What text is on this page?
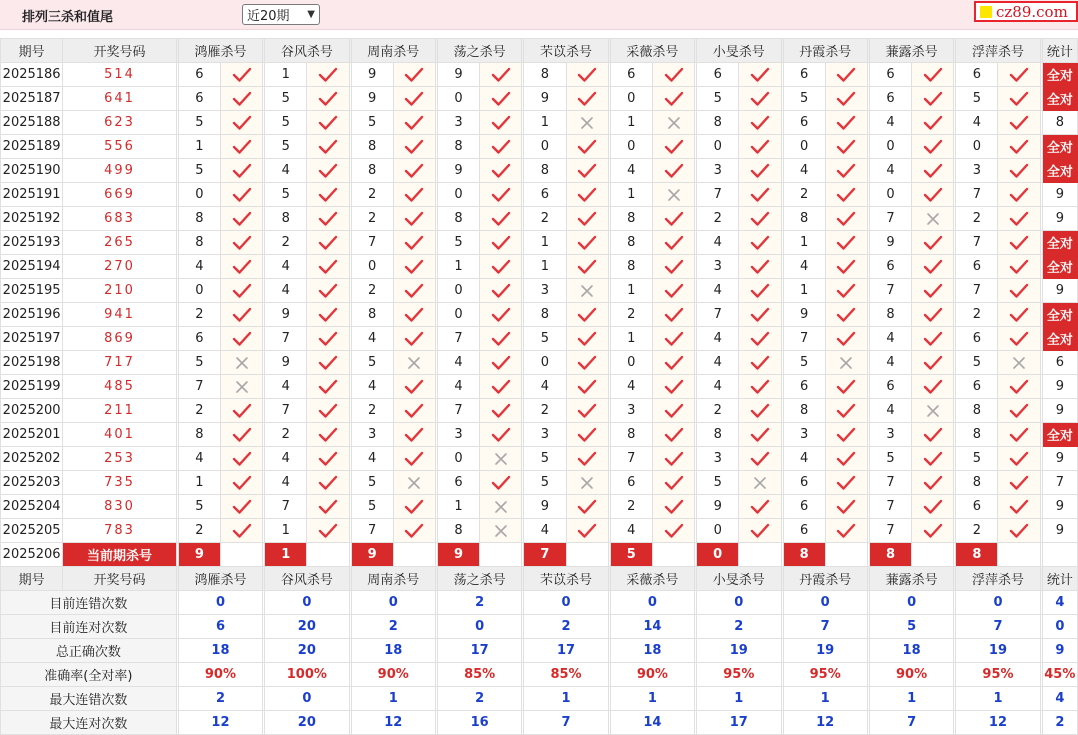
排列三杀和值尾	近20期 ▼	cz89.com
期号	开奖号码		鸿雁杀号			谷风杀号			周南杀号			荡之杀号			芣苡杀号			采薇杀号			小旻杀号			丹霞杀号			蒹露杀号			浮萍杀号			统计
2025186	514		6			1			9			9			8			6			6			6			6			6			全对
2025187	641		6			5			9			0			9			0			5			5			6			5			全对
2025188	623		5			5			5			3			1			1			8			6			4			4			8
2025189	556		1			5			8			8			0			0			0			0			0			0			全对
2025190	499		5			4			8			9			8			4			3			4			4			3			全对
2025191	669		0			5			2			0			6			1			7			2			0			7			9
2025192	683		8			8			2			8			2			8			2			8			7			2			9
2025193	265		8			2			7			5			1			8			4			1			9			7			全对
2025194	270		4			4			0			1			1			8			3			4			6			6			全对
2025195	210		0			4			2			0			3			1			4			1			7			7			9
2025196	941		2			9			8			0			8			2			7			9			8			2			全对
2025197	869		6			7			4			7			5			1			4			7			4			6			全对
2025198	717		5			9			5			4			0			0			4			5			4			5			6
2025199	485		7			4			4			4			4			4			4			6			6			6			9
2025200	211		2			7			2			7			2			3			2			8			4			8			9
2025201	401		8			2			3			3			3			8			8			3			3			8			全对
2025202	253		4			4			4			0			5			7			3			4			5			5			9
2025203	735		1			4			5			6			5			6			5			6			7			8			7
2025204	830		5			7			5			1			9			2			9			6			7			6			9
2025205	783		2			1			7			8			4			4			0			6			7			2			9
2025206	当前期杀号		9			1			9			9			7			5			0			8			8			8			
期号	开奖号码		鸿雁杀号			谷风杀号			周南杀号			荡之杀号			芣苡杀号			采薇杀号			小旻杀号			丹霞杀号			蒹露杀号			浮萍杀号			统计
目前连错次数			0			0			0			2			0			0			0			0			0			0			4
目前连对次数			6			20			2			0			2			14			2			7			5			7			0
总正确次数			18			20			18			17			17			18			19			19			18			19			9
准确率(全对率)			90%			100%			90%			85%			85%			90%			95%			95%			90%			95%			45%
最大连错次数			2			0			1			2			1			1			1			1			1			1			4
最大连对次数			12			20			12			16			7			14			17			12			7			12			2
